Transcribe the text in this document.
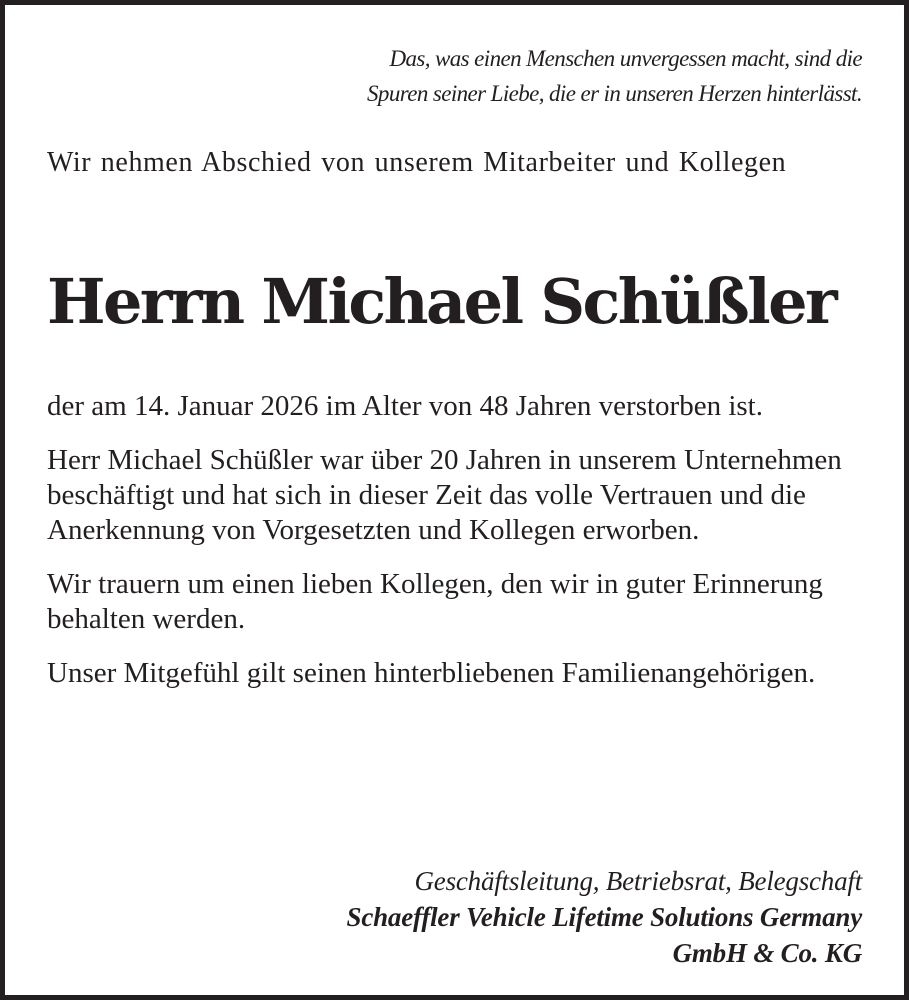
Das, was einen Menschen unvergessen macht, sind die
Spuren seiner Liebe, die er in unseren Herzen hinterlässt.
Wir nehmen Abschied von unserem Mitarbeiter und Kollegen
Herrn Michael Schüßler

der am 14. Januar 2026 im Alter von 48 Jahren verstorben ist.

Herr Michael Schüßler war über 20 Jahren in unserem Unternehmen beschäftigt und hat sich in dieser Zeit das volle Vertrauen und die Anerkennung von Vorgesetzten und Kollegen erworben.

Wir trauern um einen lieben Kollegen, den wir in guter Erinnerung behalten werden.

Unser Mitgefühl gilt seinen hinterbliebenen Familienangehörigen.

Geschäftsleitung, Betriebsrat, Belegschaft
Schaeffler Vehicle Lifetime Solutions Germany
GmbH & Co. KG
